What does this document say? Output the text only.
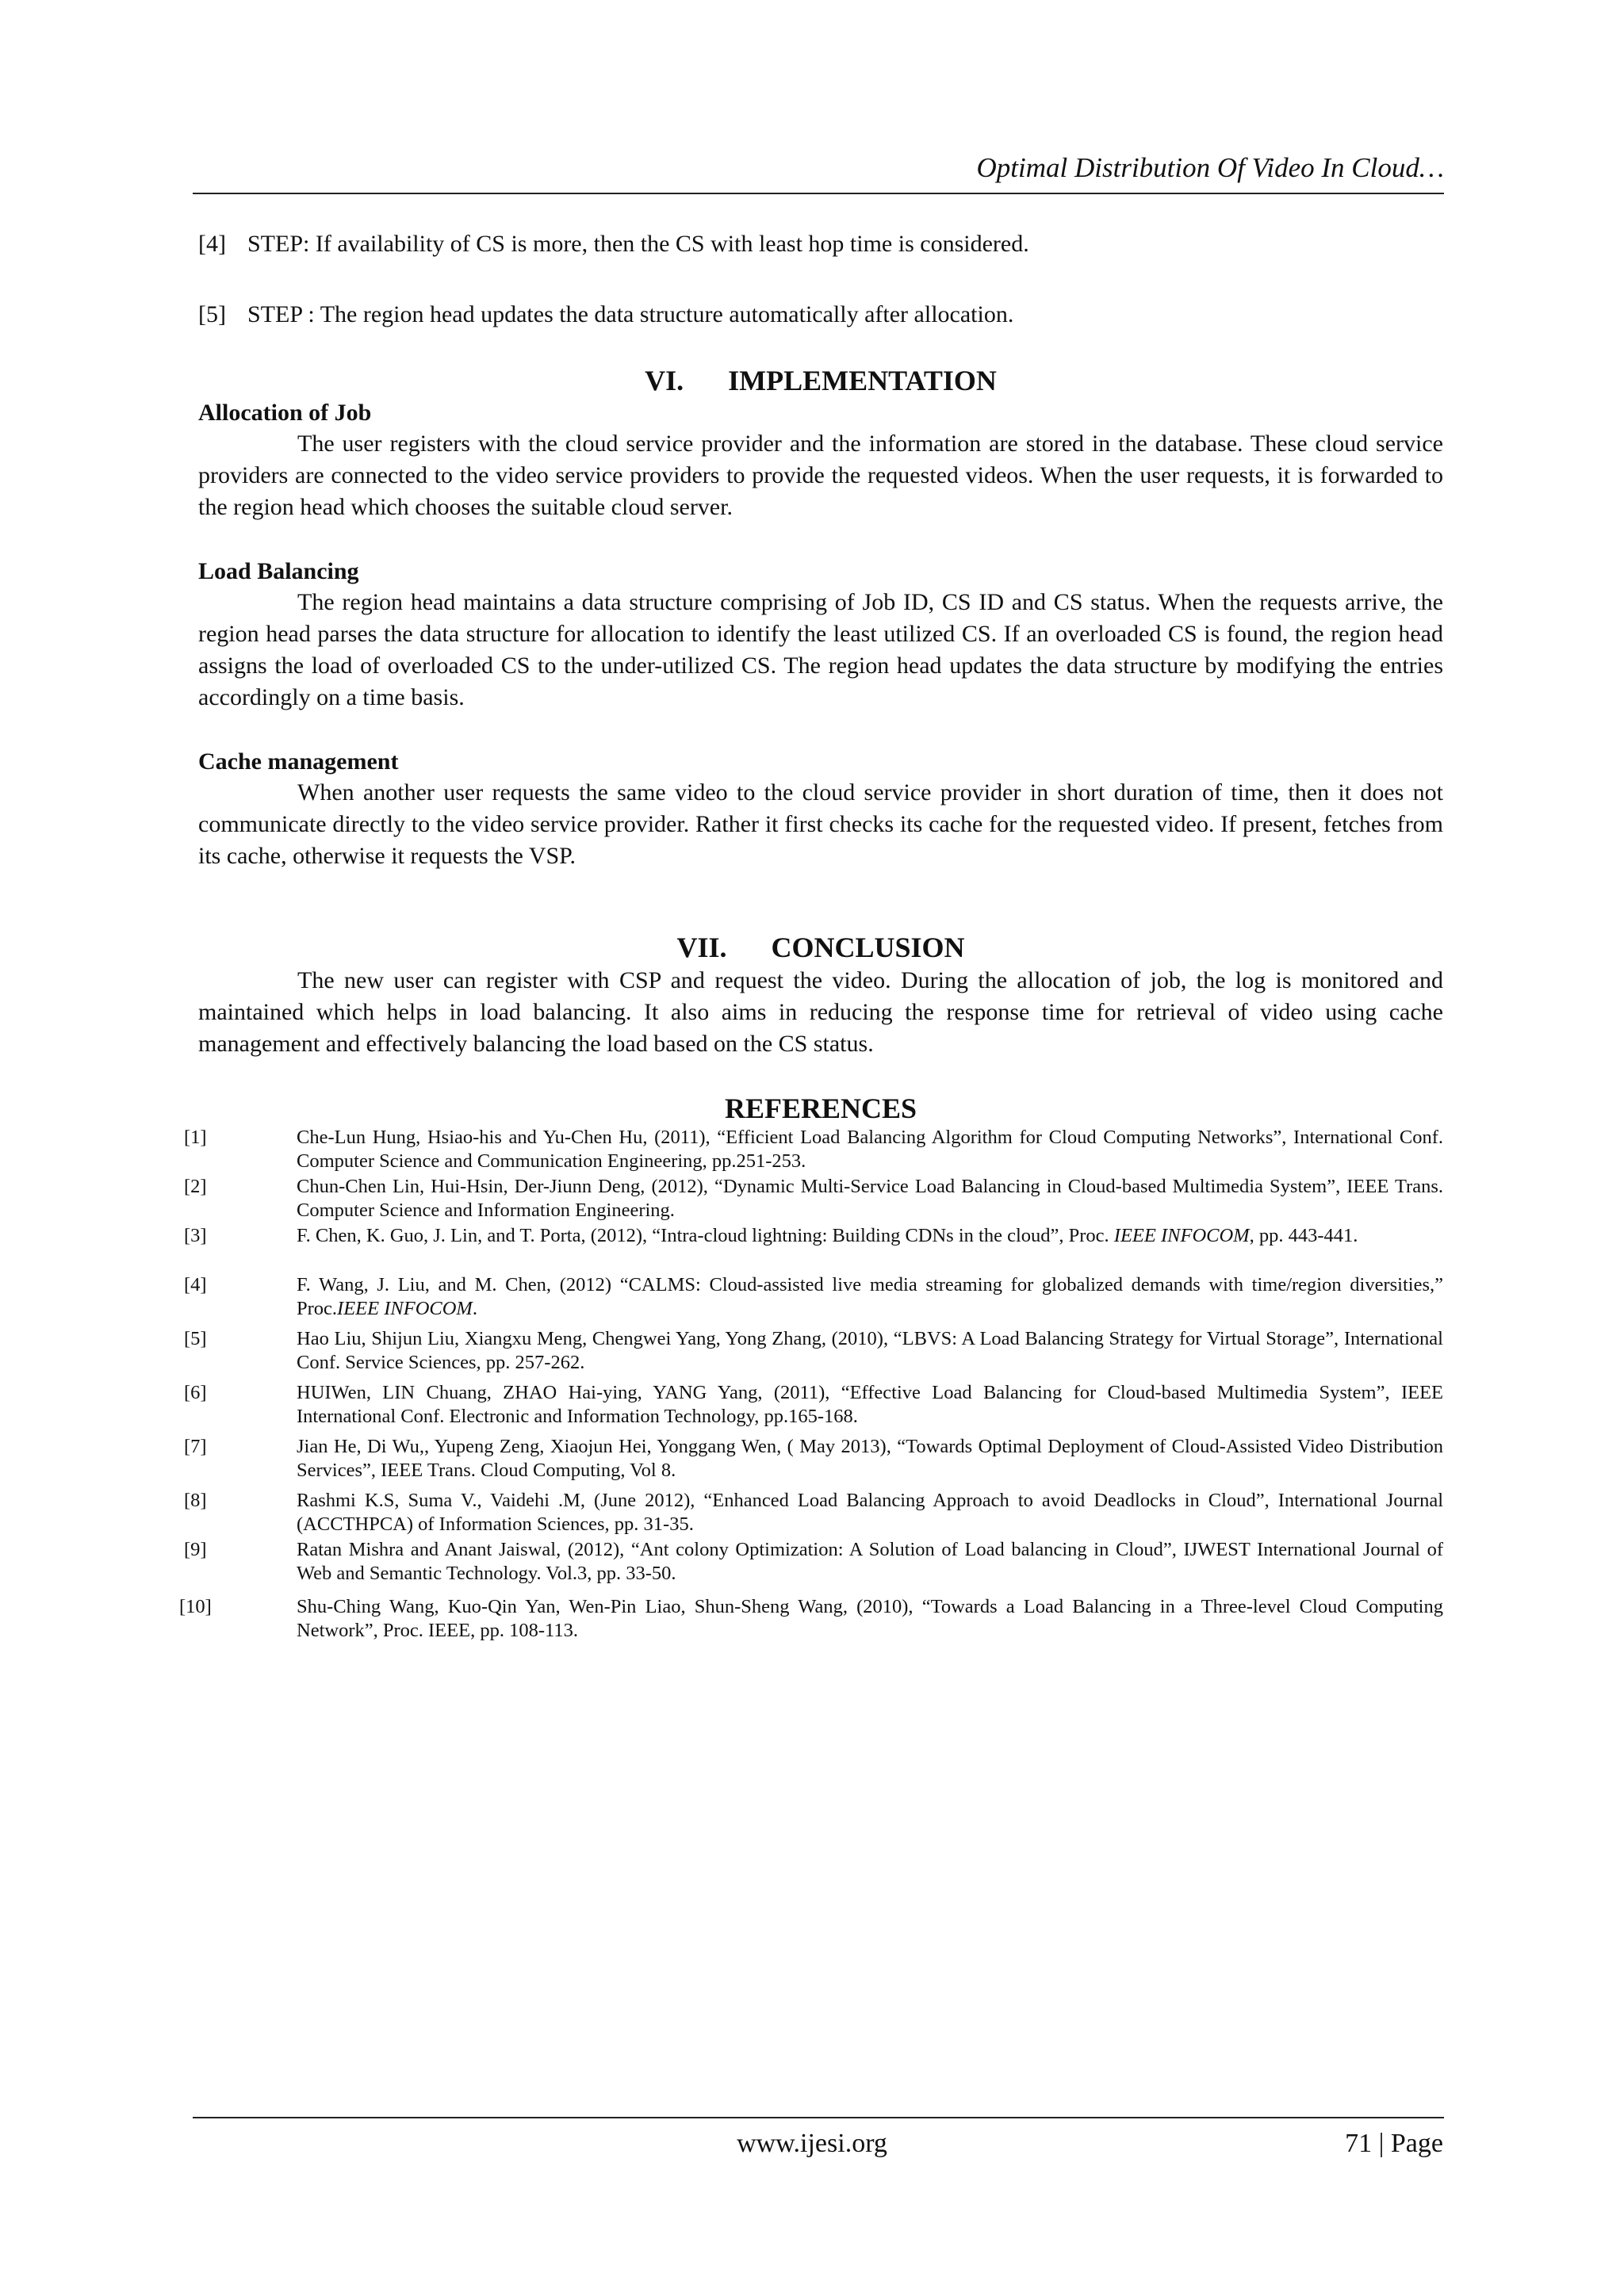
Optimal Distribution Of Video In Cloud…
[4] STEP: If availability of CS is more, then the CS with least hop time is considered.
[5] STEP : The region head updates the data structure automatically after allocation.
VI. IMPLEMENTATION
Allocation of Job
The user registers with the cloud service provider and the information are stored in the database. These cloud service providers are connected to the video service providers to provide the requested videos. When the user requests, it is forwarded to the region head which chooses the suitable cloud server.
Load Balancing
The region head maintains a data structure comprising of Job ID, CS ID and CS status. When the requests arrive, the region head parses the data structure for allocation to identify the least utilized CS. If an overloaded CS is found, the region head assigns the load of overloaded CS to the under-utilized CS. The region head updates the data structure by modifying the entries accordingly on a time basis.
Cache management
When another user requests the same video to the cloud service provider in short duration of time, then it does not communicate directly to the video service provider. Rather it first checks its cache for the requested video. If present, fetches from its cache, otherwise it requests the VSP.
VII. CONCLUSION
The new user can register with CSP and request the video. During the allocation of job, the log is monitored and maintained which helps in load balancing. It also aims in reducing the response time for retrieval of video using cache management and effectively balancing the load based on the CS status.
REFERENCES
[1]	Che-Lun Hung, Hsiao-his and Yu-Chen Hu, (2011), “Efficient Load Balancing Algorithm for Cloud Computing Networks”, International Conf. Computer Science and Communication Engineering, pp.251-253.
[2]	Chun-Chen Lin, Hui-Hsin, Der-Jiunn Deng, (2012), “Dynamic Multi-Service Load Balancing in Cloud-based Multimedia System”, IEEE Trans. Computer Science and Information Engineering.
[3]	F. Chen, K. Guo, J. Lin, and T. Porta, (2012), “Intra-cloud lightning: Building CDNs in the cloud”, Proc. IEEE INFOCOM, pp. 443-441.
[4]	F. Wang, J. Liu, and M. Chen, (2012) “CALMS: Cloud-assisted live media streaming for globalized demands with time/region diversities,” Proc.IEEE INFOCOM.
[5]	Hao Liu, Shijun Liu, Xiangxu Meng, Chengwei Yang, Yong Zhang, (2010), “LBVS: A Load Balancing Strategy for Virtual Storage”, International Conf. Service Sciences, pp. 257-262.
[6]	HUIWen, LIN Chuang, ZHAO Hai-ying, YANG Yang, (2011), “Effective Load Balancing for Cloud-based Multimedia System”, IEEE International Conf. Electronic and Information Technology, pp.165-168.
[7]	Jian He, Di Wu,, Yupeng Zeng, Xiaojun Hei, Yonggang Wen, ( May 2013), “Towards Optimal Deployment of Cloud-Assisted Video Distribution Services”, IEEE Trans. Cloud Computing, Vol 8.
[8]	Rashmi K.S, Suma V., Vaidehi .M, (June 2012), “Enhanced Load Balancing Approach to avoid Deadlocks in Cloud”, International Journal (ACCTHPCA) of Information Sciences, pp. 31-35.
[9]	Ratan Mishra and Anant Jaiswal, (2012), “Ant colony Optimization: A Solution of Load balancing in Cloud”, IJWEST International Journal of Web and Semantic Technology. Vol.3, pp. 33-50.
[10]	Shu-Ching Wang, Kuo-Qin Yan, Wen-Pin Liao, Shun-Sheng Wang, (2010), “Towards a Load Balancing in a Three-level Cloud Computing Network”, Proc. IEEE, pp. 108-113.
www.ijesi.org	71 | Page
